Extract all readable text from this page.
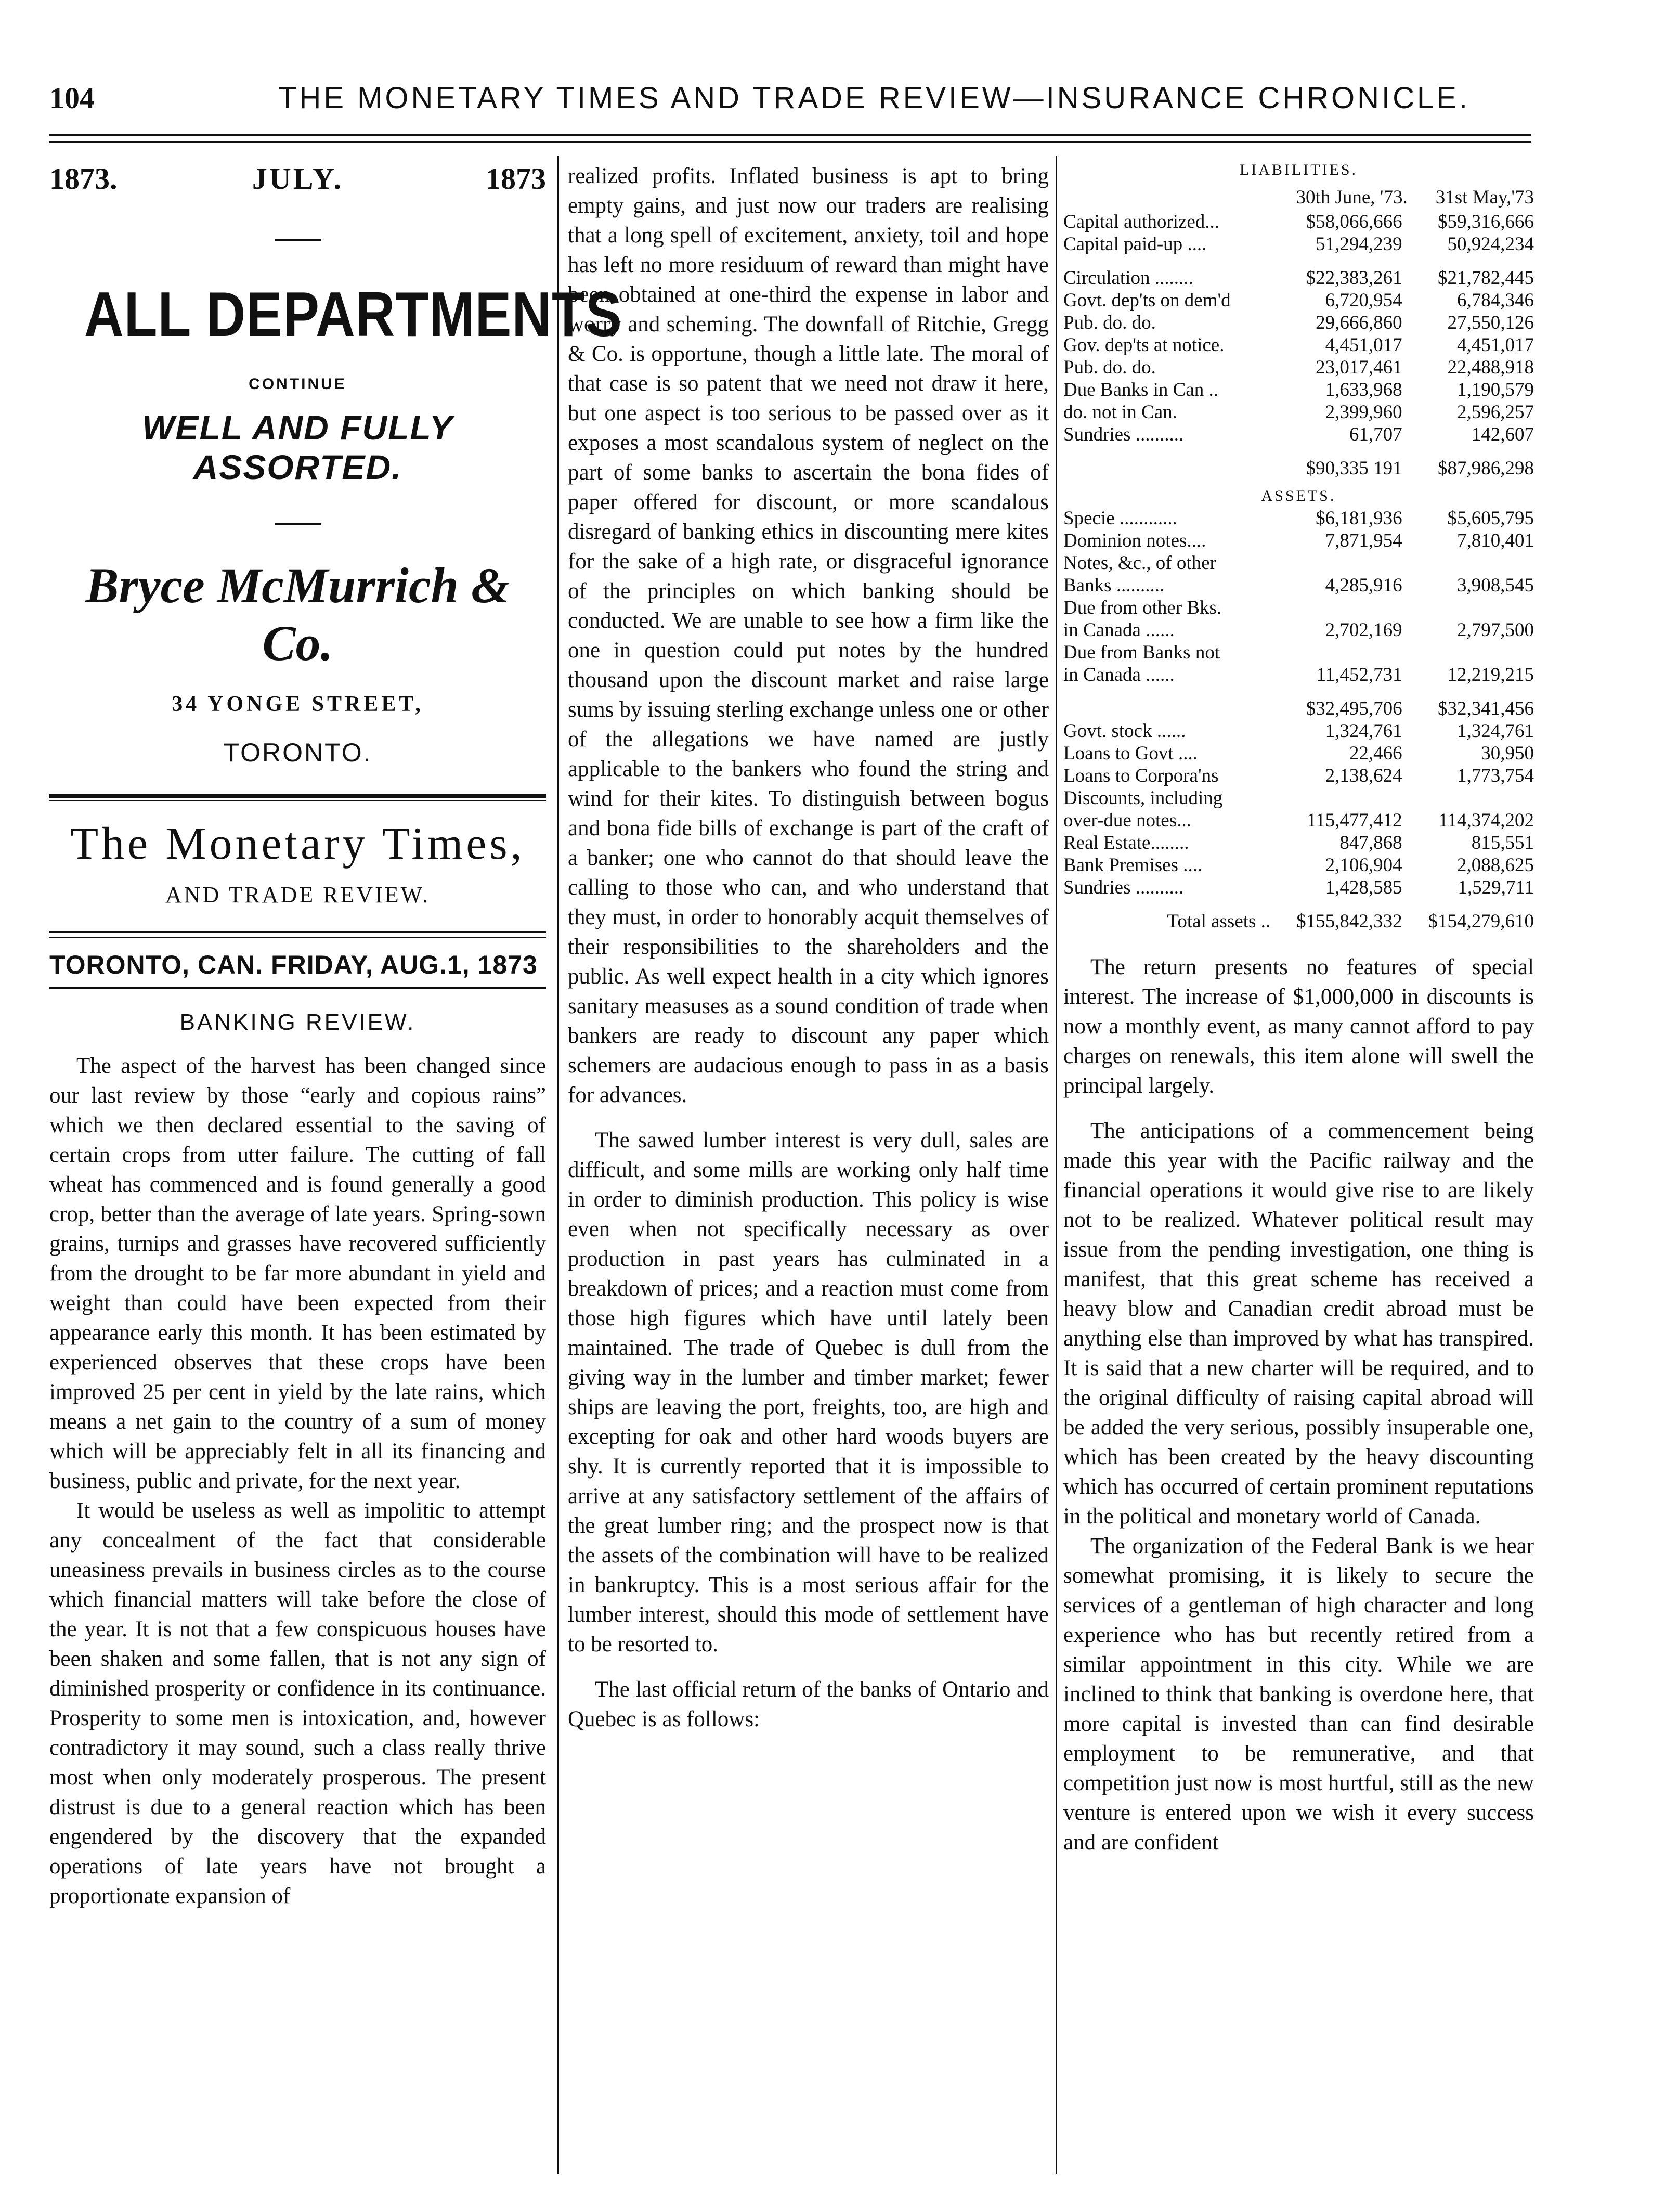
104	THE MONETARY TIMES AND TRADE REVIEW—INSURANCE CHRONICLE.
1873.	JULY.	1873
ALL DEPARTMENTS
CONTINUE
WELL AND FULLY ASSORTED.
Bryce McMurrich & Co.
34 YONGE STREET,
TORONTO.
The Monetary Times,
AND TRADE REVIEW.
TORONTO, CAN. FRIDAY, AUG.1, 1873
BANKING REVIEW.

The aspect of the harvest has been changed since our last review by those “early and copious rains” which we then declared essential to the saving of certain crops from utter failure. The cutting of fall wheat has commenced and is found generally a good crop, better than the average of late years. Spring-sown grains, turnips and grasses have recovered sufficiently from the drought to be far more abundant in yield and weight than could have been expected from their appearance early this month. It has been estimated by experienced observes that these crops have been improved 25 per cent in yield by the late rains, which means a net gain to the country of a sum of money which will be appreciably felt in all its financing and business, public and private, for the next year.

It would be useless as well as impolitic to attempt any concealment of the fact that considerable uneasiness prevails in business circles as to the course which financial matters will take before the close of the year. It is not that a few conspicuous houses have been shaken and some fallen, that is not any sign of diminished prosperity or confidence in its continuance. Prosperity to some men is intoxication, and, however contradictory it may sound, such a class really thrive most when only moderately prosperous. The present distrust is due to a general reaction which has been engendered by the discovery that the expanded operations of late years have not brought a proportionate expansion of

realized profits. Inflated business is apt to bring empty gains, and just now our traders are realising that a long spell of excitement, anxiety, toil and hope has left no more residuum of reward than might have been obtained at one-third the expense in labor and worry and scheming. The downfall of Ritchie, Gregg & Co. is opportune, though a little late. The moral of that case is so patent that we need not draw it here, but one aspect is too serious to be passed over as it exposes a most scandalous system of neglect on the part of some banks to ascertain the bona fides of paper offered for discount, or more scandalous disregard of banking ethics in discounting mere kites for the sake of a high rate, or disgraceful ignorance of the principles on which banking should be conducted. We are unable to see how a firm like the one in question could put notes by the hundred thousand upon the discount market and raise large sums by issuing sterling exchange unless one or other of the allegations we have named are justly applicable to the bankers who found the string and wind for their kites. To distinguish between bogus and bona fide bills of exchange is part of the craft of a banker; one who cannot do that should leave the calling to those who can, and who understand that they must, in order to honorably acquit themselves of their responsibilities to the shareholders and the public. As well expect health in a city which ignores sanitary measuses as a sound condition of trade when bankers are ready to discount any paper which schemers are audacious enough to pass in as a basis for advances.

The sawed lumber interest is very dull, sales are difficult, and some mills are working only half time in order to diminish production. This policy is wise even when not specifically necessary as over production in past years has culminated in a breakdown of prices; and a reaction must come from those high figures which have until lately been maintained. The trade of Quebec is dull from the giving way in the lumber and timber market; fewer ships are leaving the port, freights, too, are high and excepting for oak and other hard woods buyers are shy. It is currently reported that it is impossible to arrive at any satisfactory settlement of the affairs of the great lumber ring; and the prospect now is that the assets of the combination will have to be realized in bankruptcy. This is a most serious affair for the lumber interest, should this mode of settlement have to be resorted to.

The last official return of the banks of Ontario and Quebec is as follows:

LIABILITIES.
30th June, '73. 31st May,'73
Capital authorized...	$58,066,666	$59,316,666
Capital paid-up ....	51,294,239	50,924,234

Circulation ........	$22,383,261	$21,782,445
Govt. dep'ts on dem'd	6,720,954	6,784,346
Pub. do. do.	29,666,860	27,550,126
Gov. dep'ts at notice.	4,451,017	4,451,017
Pub. do. do.	23,017,461	22,488,918
Due Banks in Can ..	1,633,968	1,190,579
do. not in Can.	2,399,960	2,596,257
Sundries ..........	61,707	142,607

	$90,335 191	$87,986,298
ASSETS.		
Specie ............	$6,181,936	$5,605,795
Dominion notes....	7,871,954	7,810,401
Notes, &c., of other		
Banks ..........	4,285,916	3,908,545
Due from other Bks.		
in Canada ......	2,702,169	2,797,500
Due from Banks not		
in Canada ......	11,452,731	12,219,215

	$32,495,706	$32,341,456
Govt. stock ......	1,324,761	1,324,761
Loans to Govt ....	22,466	30,950
Loans to Corpora'ns	2,138,624	1,773,754
Discounts, including		
over-due notes...	115,477,412	114,374,202
Real Estate........	847,868	815,551
Bank Premises ....	2,106,904	2,088,625
Sundries ..........	1,428,585	1,529,711

Total assets ..	$155,842,332	$154,279,610

The return presents no features of special interest. The increase of $1,000,000 in discounts is now a monthly event, as many cannot afford to pay charges on renewals, this item alone will swell the principal largely.

The anticipations of a commencement being made this year with the Pacific railway and the financial operations it would give rise to are likely not to be realized. Whatever political result may issue from the pending investigation, one thing is manifest, that this great scheme has received a heavy blow and Canadian credit abroad must be anything else than improved by what has transpired. It is said that a new charter will be required, and to the original difficulty of raising capital abroad will be added the very serious, possibly insuperable one, which has been created by the heavy discounting which has occurred of certain prominent reputations in the political and monetary world of Canada.

The organization of the Federal Bank is we hear somewhat promising, it is likely to secure the services of a gentleman of high character and long experience who has but recently retired from a similar appointment in this city. While we are inclined to think that banking is overdone here, that more capital is invested than can find desirable employment to be remunerative, and that competition just now is most hurtful, still as the new venture is entered upon we wish it every success and are confident
